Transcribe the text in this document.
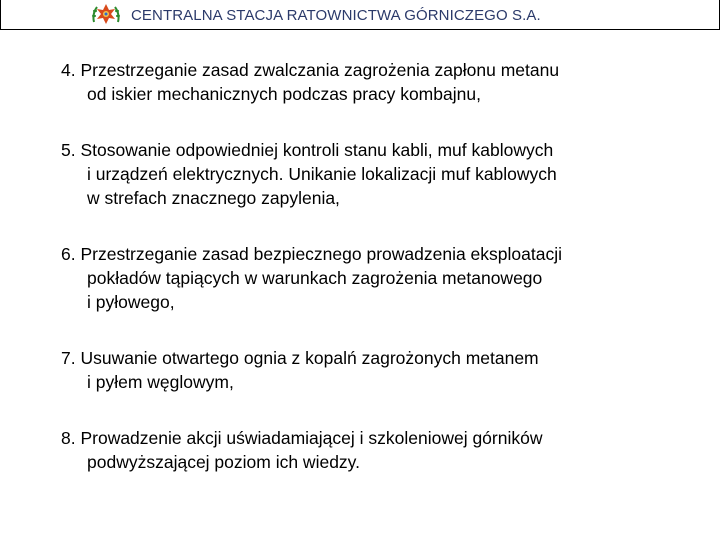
CENTRALNA STACJA RATOWNICTWA GÓRNICZEGO S.A.
4. Przestrzeganie zasad zwalczania zagrożenia zapłonu metanu
od iskier mechanicznych podczas pracy kombajnu,
5. Stosowanie odpowiedniej kontroli stanu kabli, muf kablowych
i urządzeń elektrycznych. Unikanie lokalizacji muf kablowych
w strefach znacznego zapylenia,
6. Przestrzeganie zasad bezpiecznego prowadzenia eksploatacji
pokładów tąpiących w warunkach zagrożenia metanowego
i pyłowego,
7. Usuwanie otwartego ognia z kopalń zagrożonych metanem
i pyłem węglowym,
8. Prowadzenie akcji uświadamiającej i szkoleniowej górników
podwyższającej poziom ich wiedzy.
